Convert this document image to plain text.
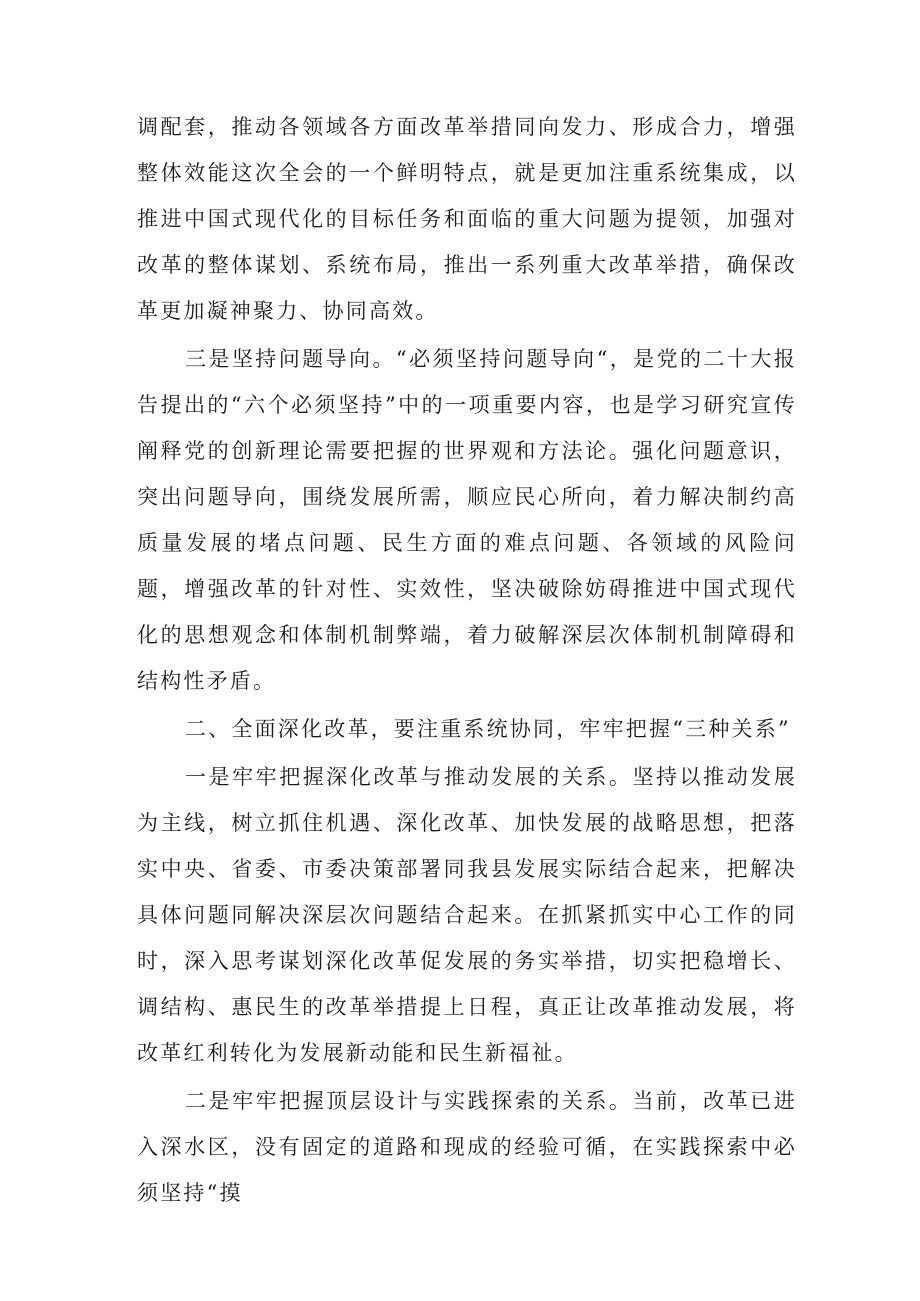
调配套，推动各领域各方面改革举措同向发力、形成合力，增强整体效能这次全会的一个鲜明特点，就是更加注重系统集成，以推进中国式现代化的目标任务和面临的重大问题为提领，加强对改革的整体谋划、系统布局，推出一系列重大改革举措，确保改革更加凝神聚力、协同高效。

三是坚持问题导向。“必须坚持问题导向“，是党的二十大报告提出的“六个必须坚持”中的一项重要内容，也是学习研究宣传阐释党的创新理论需要把握的世界观和方法论。强化问题意识，突出问题导向，围绕发展所需，顺应民心所向，着力解决制约高质量发展的堵点问题、民生方面的难点问题、各领域的风险问题，增强改革的针对性、实效性，坚决破除妨碍推进中国式现代化的思想观念和体制机制弊端，着力破解深层次体制机制障碍和结构性矛盾。

二、全面深化改革，要注重系统协同，牢牢把握“三种关系”

一是牢牢把握深化改革与推动发展的关系。坚持以推动发展为主线，树立抓住机遇、深化改革、加快发展的战略思想，把落实中央、省委、市委决策部署同我县发展实际结合起来，把解决具体问题同解决深层次问题结合起来。在抓紧抓实中心工作的同时，深入思考谋划深化改革促发展的务实举措，切实把稳增长、调结构、惠民生的改革举措提上日程，真正让改革推动发展，将改革红利转化为发展新动能和民生新福祉。

二是牢牢把握顶层设计与实践探索的关系。当前，改革已进入深水区，没有固定的道路和现成的经验可循，在实践探索中必须坚持“摸
